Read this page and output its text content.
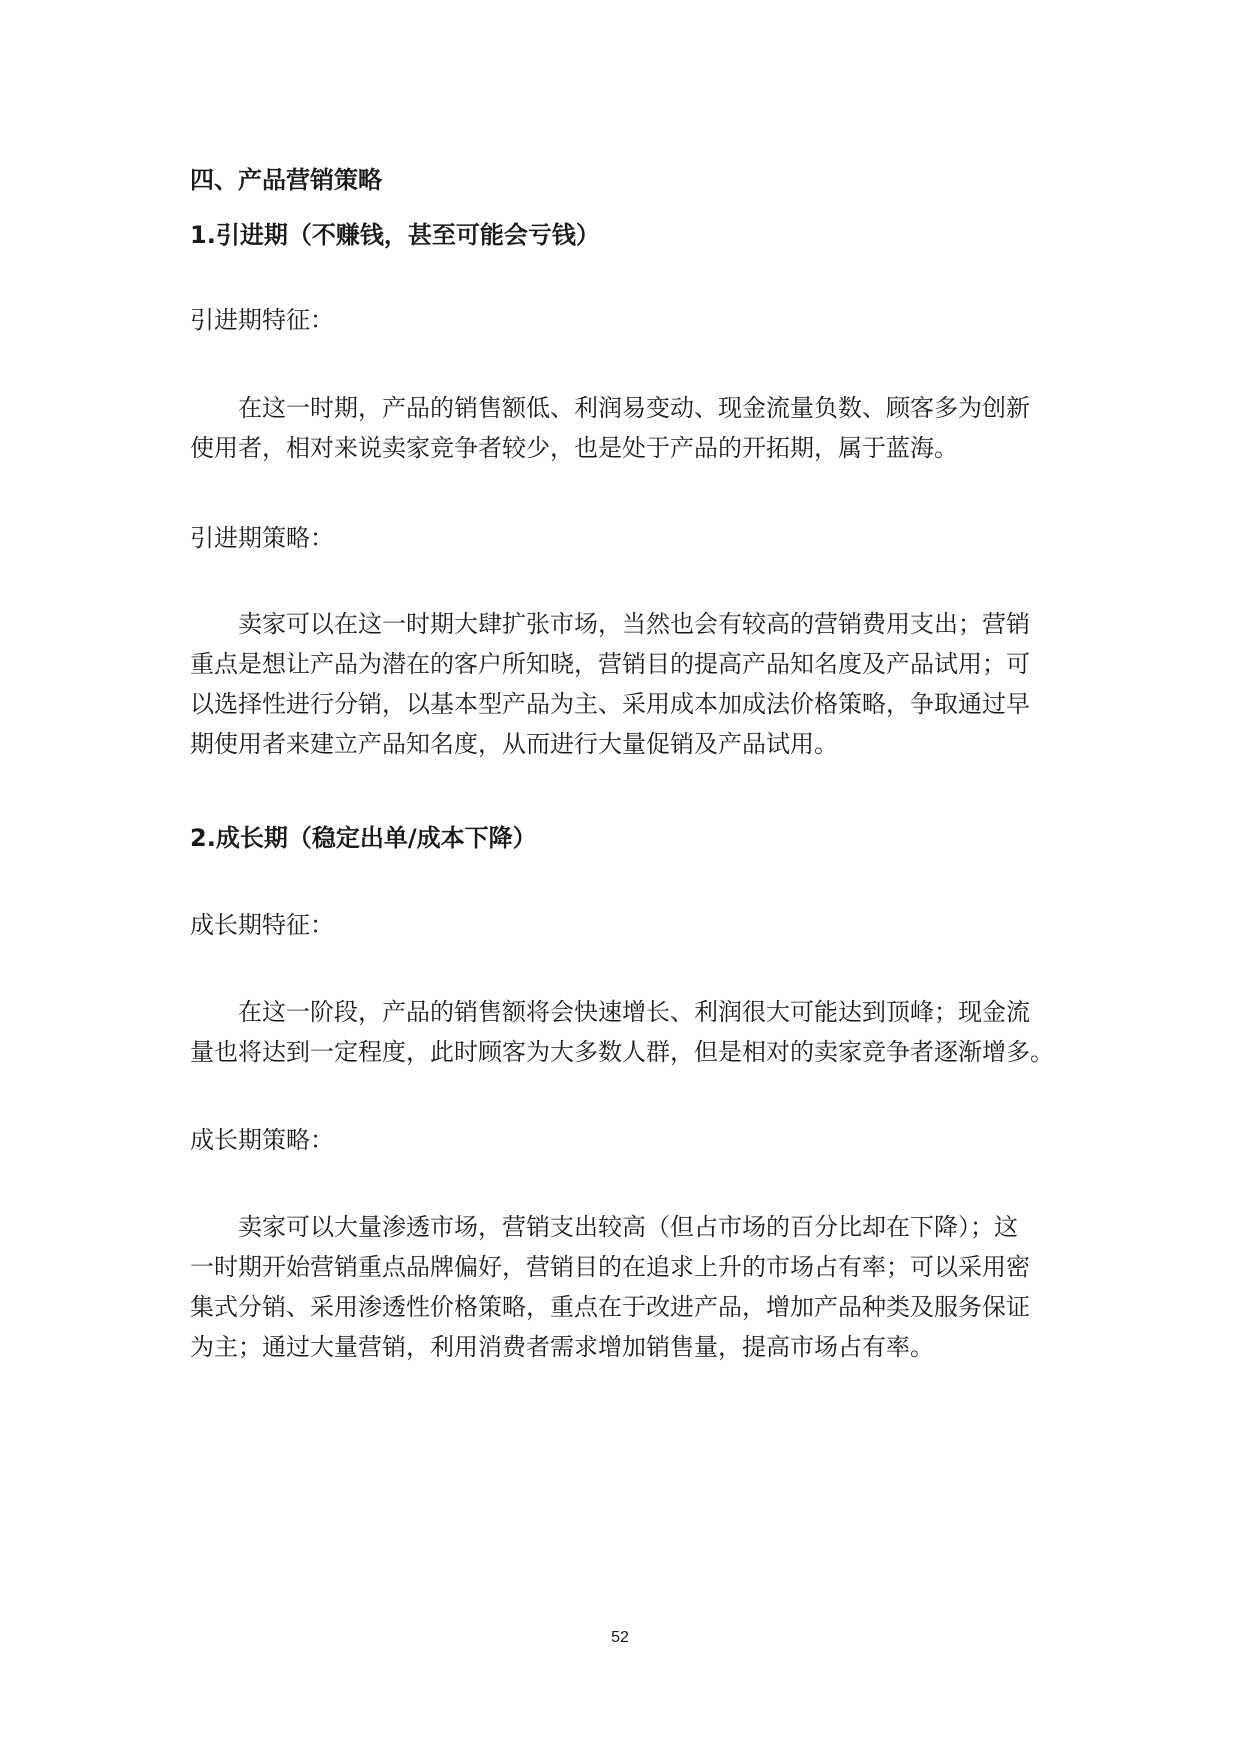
四、产品营销策略
1.引进期（不赚钱，甚至可能会亏钱）
引进期特征：

在这一时期，产品的销售额低、利润易变动、现金流量负数、顾客多为创新

使用者，相对来说卖家竞争者较少，也是处于产品的开拓期，属于蓝海。

引进期策略：

卖家可以在这一时期大肆扩张市场，当然也会有较高的营销费用支出；营销

重点是想让产品为潜在的客户所知晓，营销目的提高产品知名度及产品试用；可

以选择性进行分销，以基本型产品为主、采用成本加成法价格策略，争取通过早

期使用者来建立产品知名度，从而进行大量促销及产品试用。

2.成长期（稳定出单/成本下降）
成长期特征：

在这一阶段，产品的销售额将会快速增长、利润很大可能达到顶峰；现金流

量也将达到一定程度，此时顾客为大多数人群，但是相对的卖家竞争者逐渐增多。

成长期策略：

卖家可以大量渗透市场，营销支出较高（但占市场的百分比却在下降）；这

一时期开始营销重点品牌偏好，营销目的在追求上升的市场占有率；可以采用密

集式分销、采用渗透性价格策略，重点在于改进产品，增加产品种类及服务保证

为主；通过大量营销，利用消费者需求增加销售量，提高市场占有率。

52
